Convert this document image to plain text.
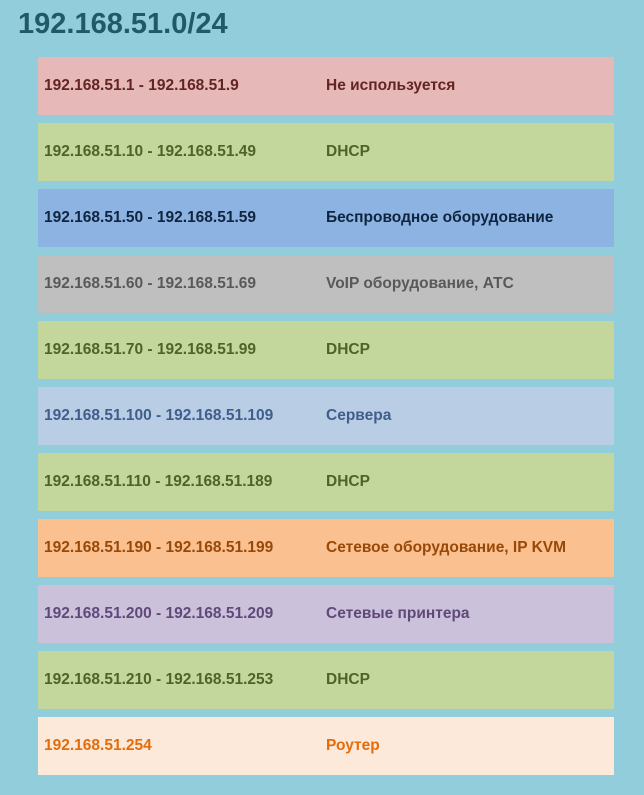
192.168.51.0/24
192.168.51.1 - 192.168.51.9	Не используется
192.168.51.10 - 192.168.51.49	DHCP
192.168.51.50 - 192.168.51.59	Беспроводное оборудование
192.168.51.60 - 192.168.51.69	VoIP оборудование, АТС
192.168.51.70 - 192.168.51.99	DHCP
192.168.51.100 - 192.168.51.109	Сервера
192.168.51.110 - 192.168.51.189	DHCP
192.168.51.190 - 192.168.51.199	Сетевое оборудование, IP KVM
192.168.51.200 - 192.168.51.209	Сетевые принтера
192.168.51.210 - 192.168.51.253	DHCP
192.168.51.254	Роутер
